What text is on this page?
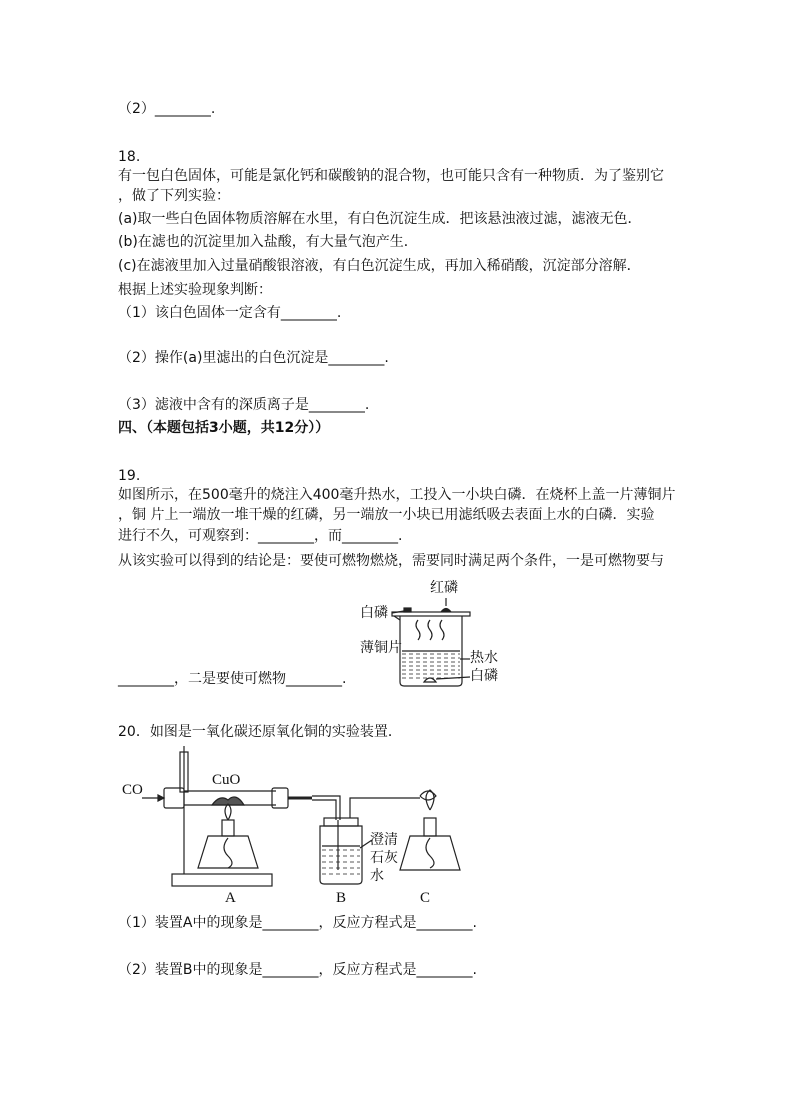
（2）________.
18.
有一包白色固体，可能是氯化钙和碳酸钠的混合物，也可能只含有一种物质．为了鉴别它
，做了下列实验：
(a)取一些白色固体物质溶解在水里，有白色沉淀生成．把该悬浊液过滤，滤液无色．
(b)在滤也的沉淀里加入盐酸，有大量气泡产生．
(c)在滤液里加入过量硝酸银溶液，有白色沉淀生成，再加入稀硝酸，沉淀部分溶解．
根据上述实验现象判断：
（1）该白色固体一定含有________.
（2）操作(a)里滤出的白色沉淀是________.
（3）滤液中含有的深质离子是________.
四、（本题包括3小题，共12分））
19.
如图所示，在500毫升的烧注入400毫升热水，工投入一小块白磷．在烧杯上盖一片薄铜片
，铜 片上一端放一堆干燥的红磷，另一端放一小块已用滤纸吸去表面上水的白磷．实验
进行不久，可观察到：________，而________.
从该实验可以得到的结论是：要使可燃物燃烧，需要同时满足两个条件，一是可燃物要与
________，二是要使可燃物________.
红磷
白磷
薄铜片
热水
白磷
20．如图是一氧化碳还原氧化铜的实验装置．
CO
CuO
澄清
石灰
水
A	B	C
（1）装置A中的现象是________，反应方程式是________.
（2）装置B中的现象是________，反应方程式是________.
